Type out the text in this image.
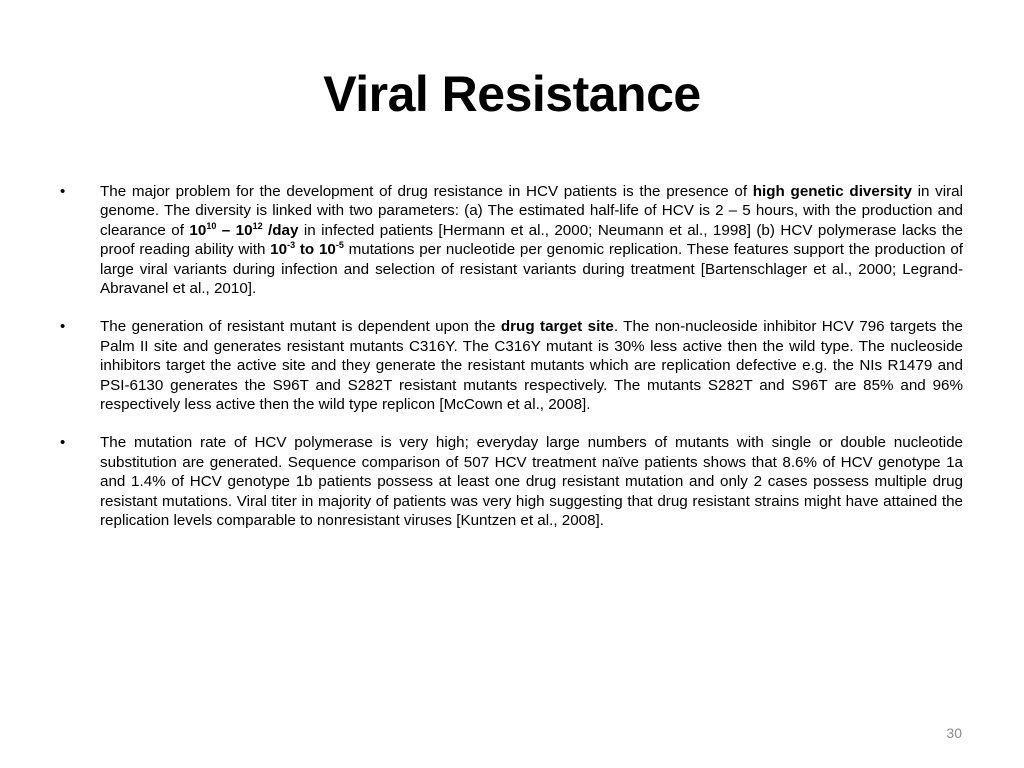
Viral Resistance
•	The major problem for the development of drug resistance in HCV patients is the presence of high genetic diversity in viral genome. The diversity is linked with two parameters: (a) The estimated half-life of HCV is 2 – 5 hours, with the production and clearance of $10^{10} - 10^{12}$ /day in infected patients [Hermann et al., 2000; Neumann et al., 1998] (b) HCV polymerase lacks the proof reading ability with $10^{-3}$ to $10^{-5}$ mutations per nucleotide per genomic replication. These features support the production of large viral variants during infection and selection of resistant variants during treatment [Bartenschlager et al., 2000; Legrand-Abravanel et al., 2010].
•	The generation of resistant mutant is dependent upon the drug target site. The non-nucleoside inhibitor HCV 796 targets the Palm II site and generates resistant mutants C316Y. The C316Y mutant is 30% less active then the wild type. The nucleoside inhibitors target the active site and they generate the resistant mutants which are replication defective e.g. the NIs R1479 and PSI-6130 generates the S96T and S282T resistant mutants respectively. The mutants S282T and S96T are 85% and 96% respectively less active then the wild type replicon [McCown et al., 2008].
•	The mutation rate of HCV polymerase is very high; everyday large numbers of mutants with single or double nucleotide substitution are generated. Sequence comparison of 507 HCV treatment naïve patients shows that 8.6% of HCV genotype 1a and 1.4% of HCV genotype 1b patients possess at least one drug resistant mutation and only 2 cases possess multiple drug resistant mutations. Viral titer in majority of patients was very high suggesting that drug resistant strains might have attained the replication levels comparable to nonresistant viruses [Kuntzen et al., 2008].
30
